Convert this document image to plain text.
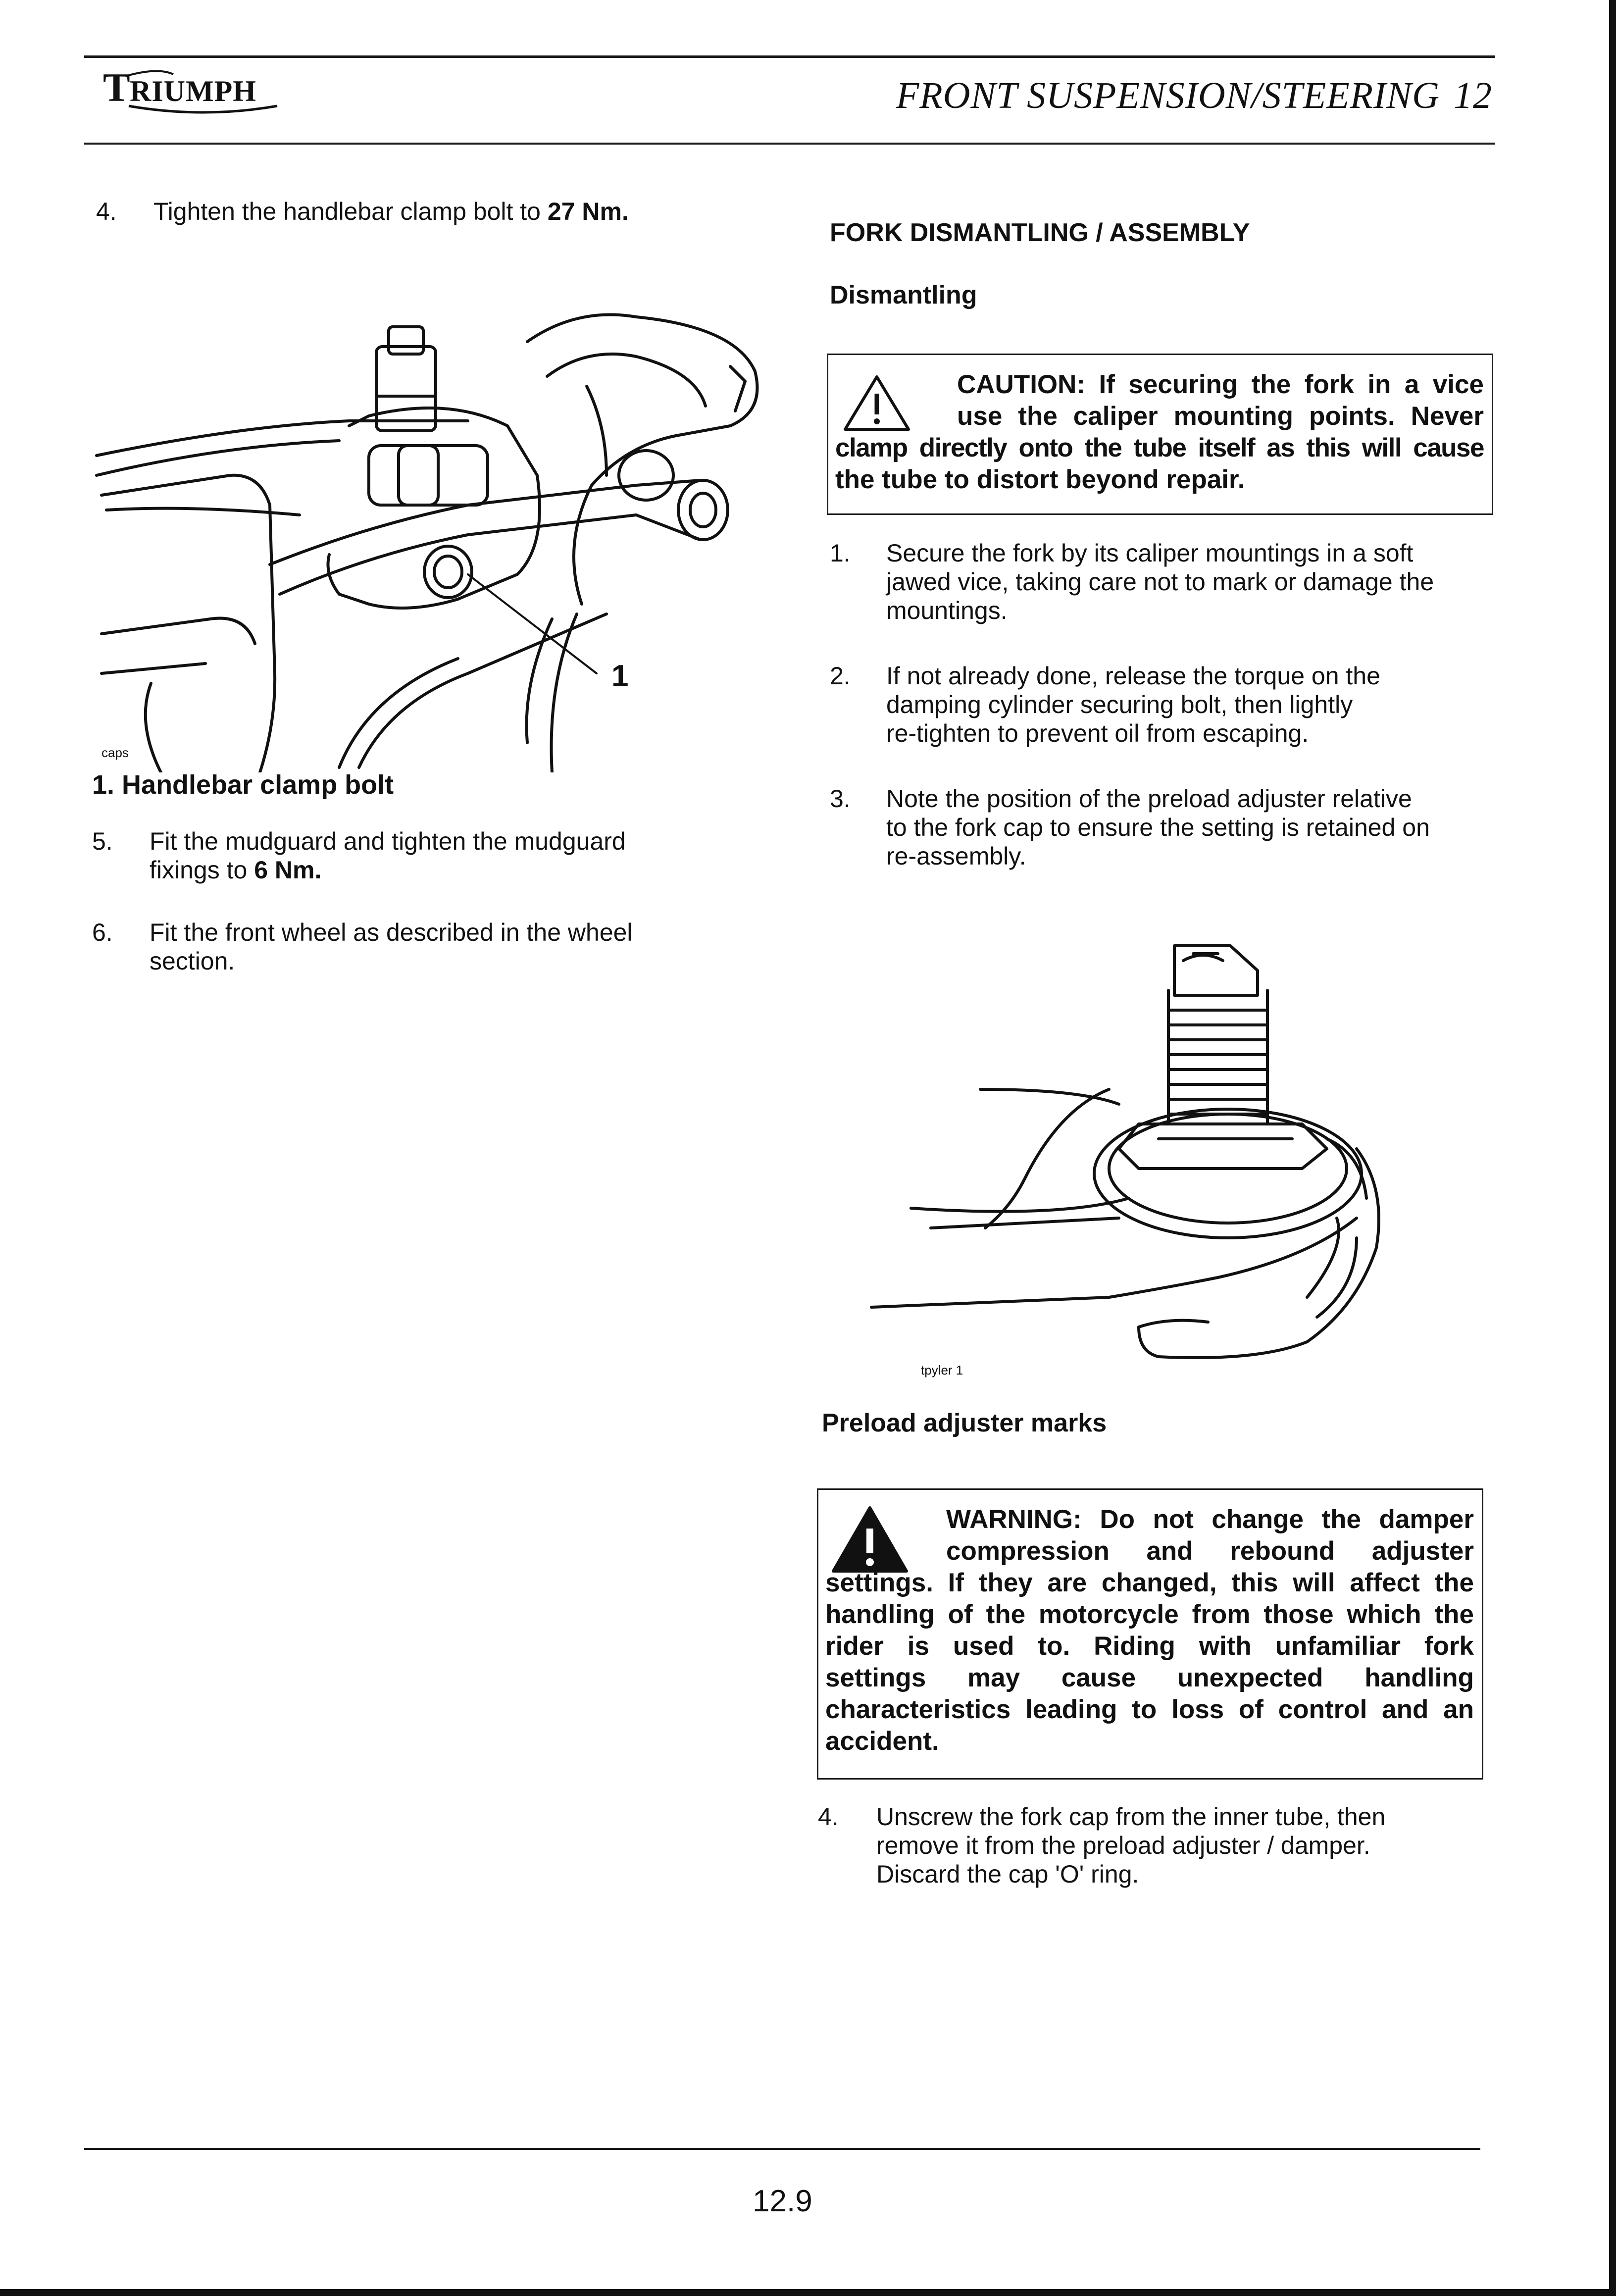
T RIUMPH	FRONT SUSPENSION/STEERING 12
4. Tighten the handlebar clamp bolt to 27 Nm.
caps
1
1. Handlebar clamp bolt
5. Fit the mudguard and tighten the mudguard
fixings to 6 Nm.
6. Fit the front wheel as described in the wheel
section.
FORK DISMANTLING / ASSEMBLY
Dismantling
CAUTION: If securing the fork in a vice
use the caliper mounting points. Never
clamp directly onto the tube itself as this will cause
the tube to distort beyond repair.
1. Secure the fork by its caliper mountings in a soft
jawed vice, taking care not to mark or damage the
mountings.
2. If not already done, release the torque on the
damping cylinder securing bolt, then lightly
re-tighten to prevent oil from escaping.
3. Note the position of the preload adjuster relative
to the fork cap to ensure the setting is retained on
re-assembly.
tpyler 1
Preload adjuster marks
WARNING: Do not change the damper
compression and rebound adjuster
settings. If they are changed, this will affect the
handling of the motorcycle from those which the
rider is used to. Riding with unfamiliar fork
settings may cause unexpected handling
characteristics leading to loss of control and an
accident.
4. Unscrew the fork cap from the inner tube, then
remove it from the preload adjuster / damper.
Discard the cap 'O' ring.
12.9
